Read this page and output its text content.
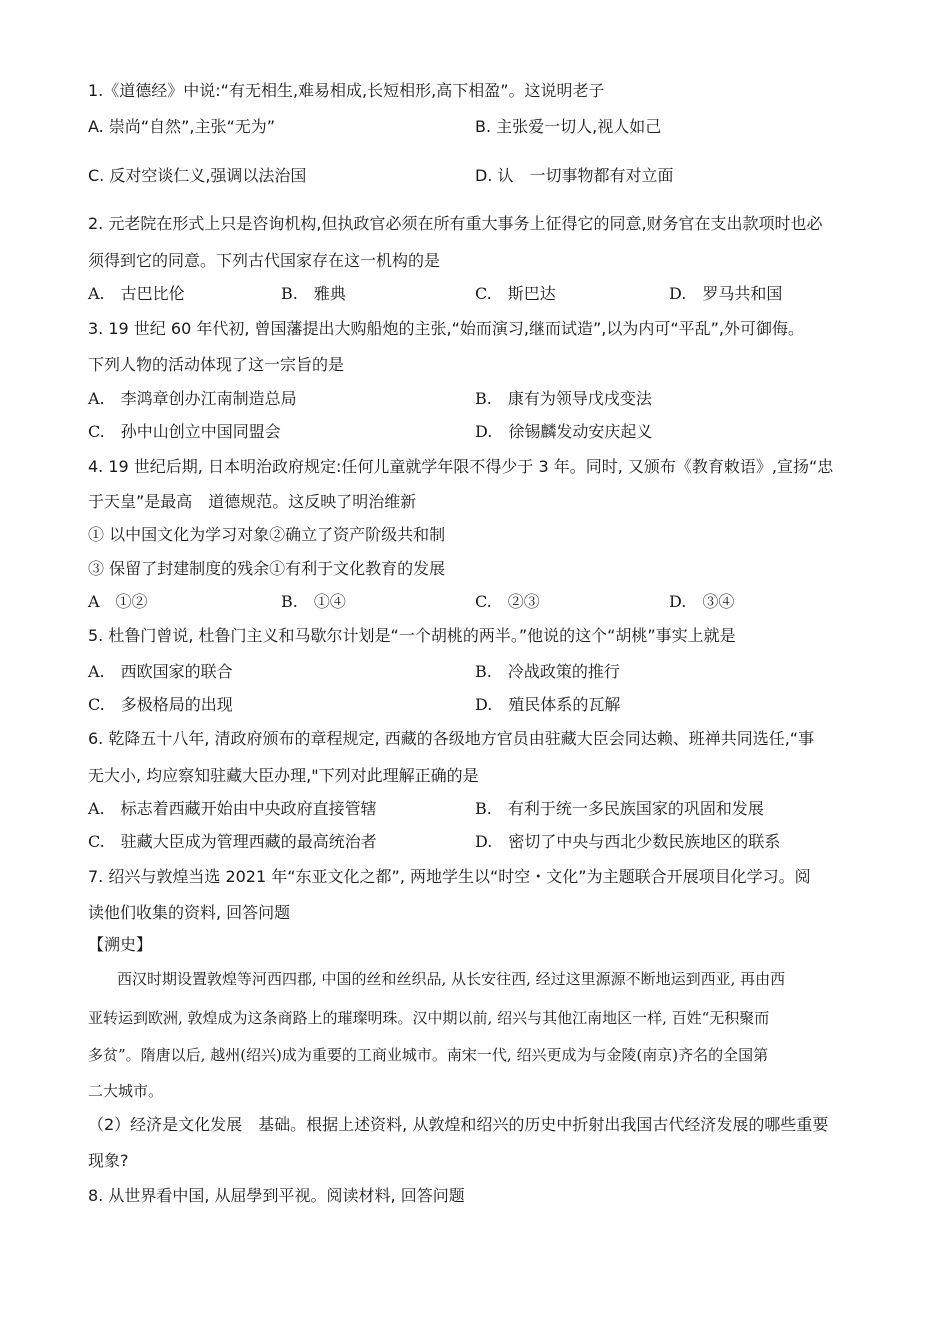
1.《道德经》中说:“有无相生,难易相成,长短相形,高下相盈”。这说明老子
A. 崇尚“自然”,主张“无为”	B. 主张爱一切人,视人如己
C. 反对空谈仁义,强调以法治国	D. 认　一切事物都有对立面
2. 元老院在形式上只是咨询机构,但执政官必须在所有重大事务上征得它的同意,财务官在支出款项时也必
须得到它的同意。下列古代国家存在这一机构的是
A.　古巴比伦	B.　雅典	C.　斯巴达	D.　罗马共和国
3. 19 世纪 60 年代初, 曾国藩提出大购船炮的主张,“始而演习,继而试造”,以为内可“平乱”,外可御侮。
下列人物的活动体现了这一宗旨的是
A.　李鸿章创办江南制造总局	B.　康有为领导戊戌变法
C.　孙中山创立中国同盟会	D.　徐锡麟发动安庆起义
4. 19 世纪后期, 日本明治政府规定:任何儿童就学年限不得少于 3 年。同时, 又颁布《教育敕语》,宣扬“忠
于天皇”是最高　道德规范。这反映了明治维新
① 以中国文化为学习对象②确立了资产阶级共和制
③ 保留了封建制度的残余①有利于文化教育的发展
A　①②	B.　①④	C.　②③	D.　③④
5. 杜鲁门曾说, 杜鲁门主义和马歇尔计划是“一个胡桃的两半。”他说的这个“胡桃”事实上就是
A.　西欧国家的联合	B.　冷战政策的推行
C.　多极格局的出现	D.　殖民体系的瓦解
6. 乾降五十八年, 清政府颁布的章程规定, 西藏的各级地方官员由驻藏大臣会同达赖、班禅共同选任,“事
无大小, 均应察知驻藏大臣办理,"下列对此理解正确的是
A.　标志着西藏开始由中央政府直接管辖	B.　有利于统一多民族国家的巩固和发展
C.　驻藏大臣成为管理西藏的最高统治者	D.　密切了中央与西北少数民族地区的联系
7. 绍兴与敦煌当选 2021 年“东亚文化之都”, 两地学生以“时空・文化”为主题联合开展项目化学习。阅
读他们收集的资料, 回答问题
【溯史】
西汉时期设置敦煌等河西四郡, 中国的丝和丝织品, 从长安往西, 经过这里源源不断地运到西亚, 再由西
亚转运到欧洲, 敦煌成为这条商路上的璀璨明珠。汉中期以前, 绍兴与其他江南地区一样, 百姓“无积聚而
多贫”。隋唐以后, 越州(绍兴)成为重要的工商业城市。南宋一代, 绍兴更成为与金陵(南京)齐名的全国第
二大城市。
（2）经济是文化发展　基础。根据上述资料, 从敦煌和绍兴的历史中折射出我国古代经济发展的哪些重要
现象?
8. 从世界看中国, 从屈學到平视。阅读材料, 回答问题
